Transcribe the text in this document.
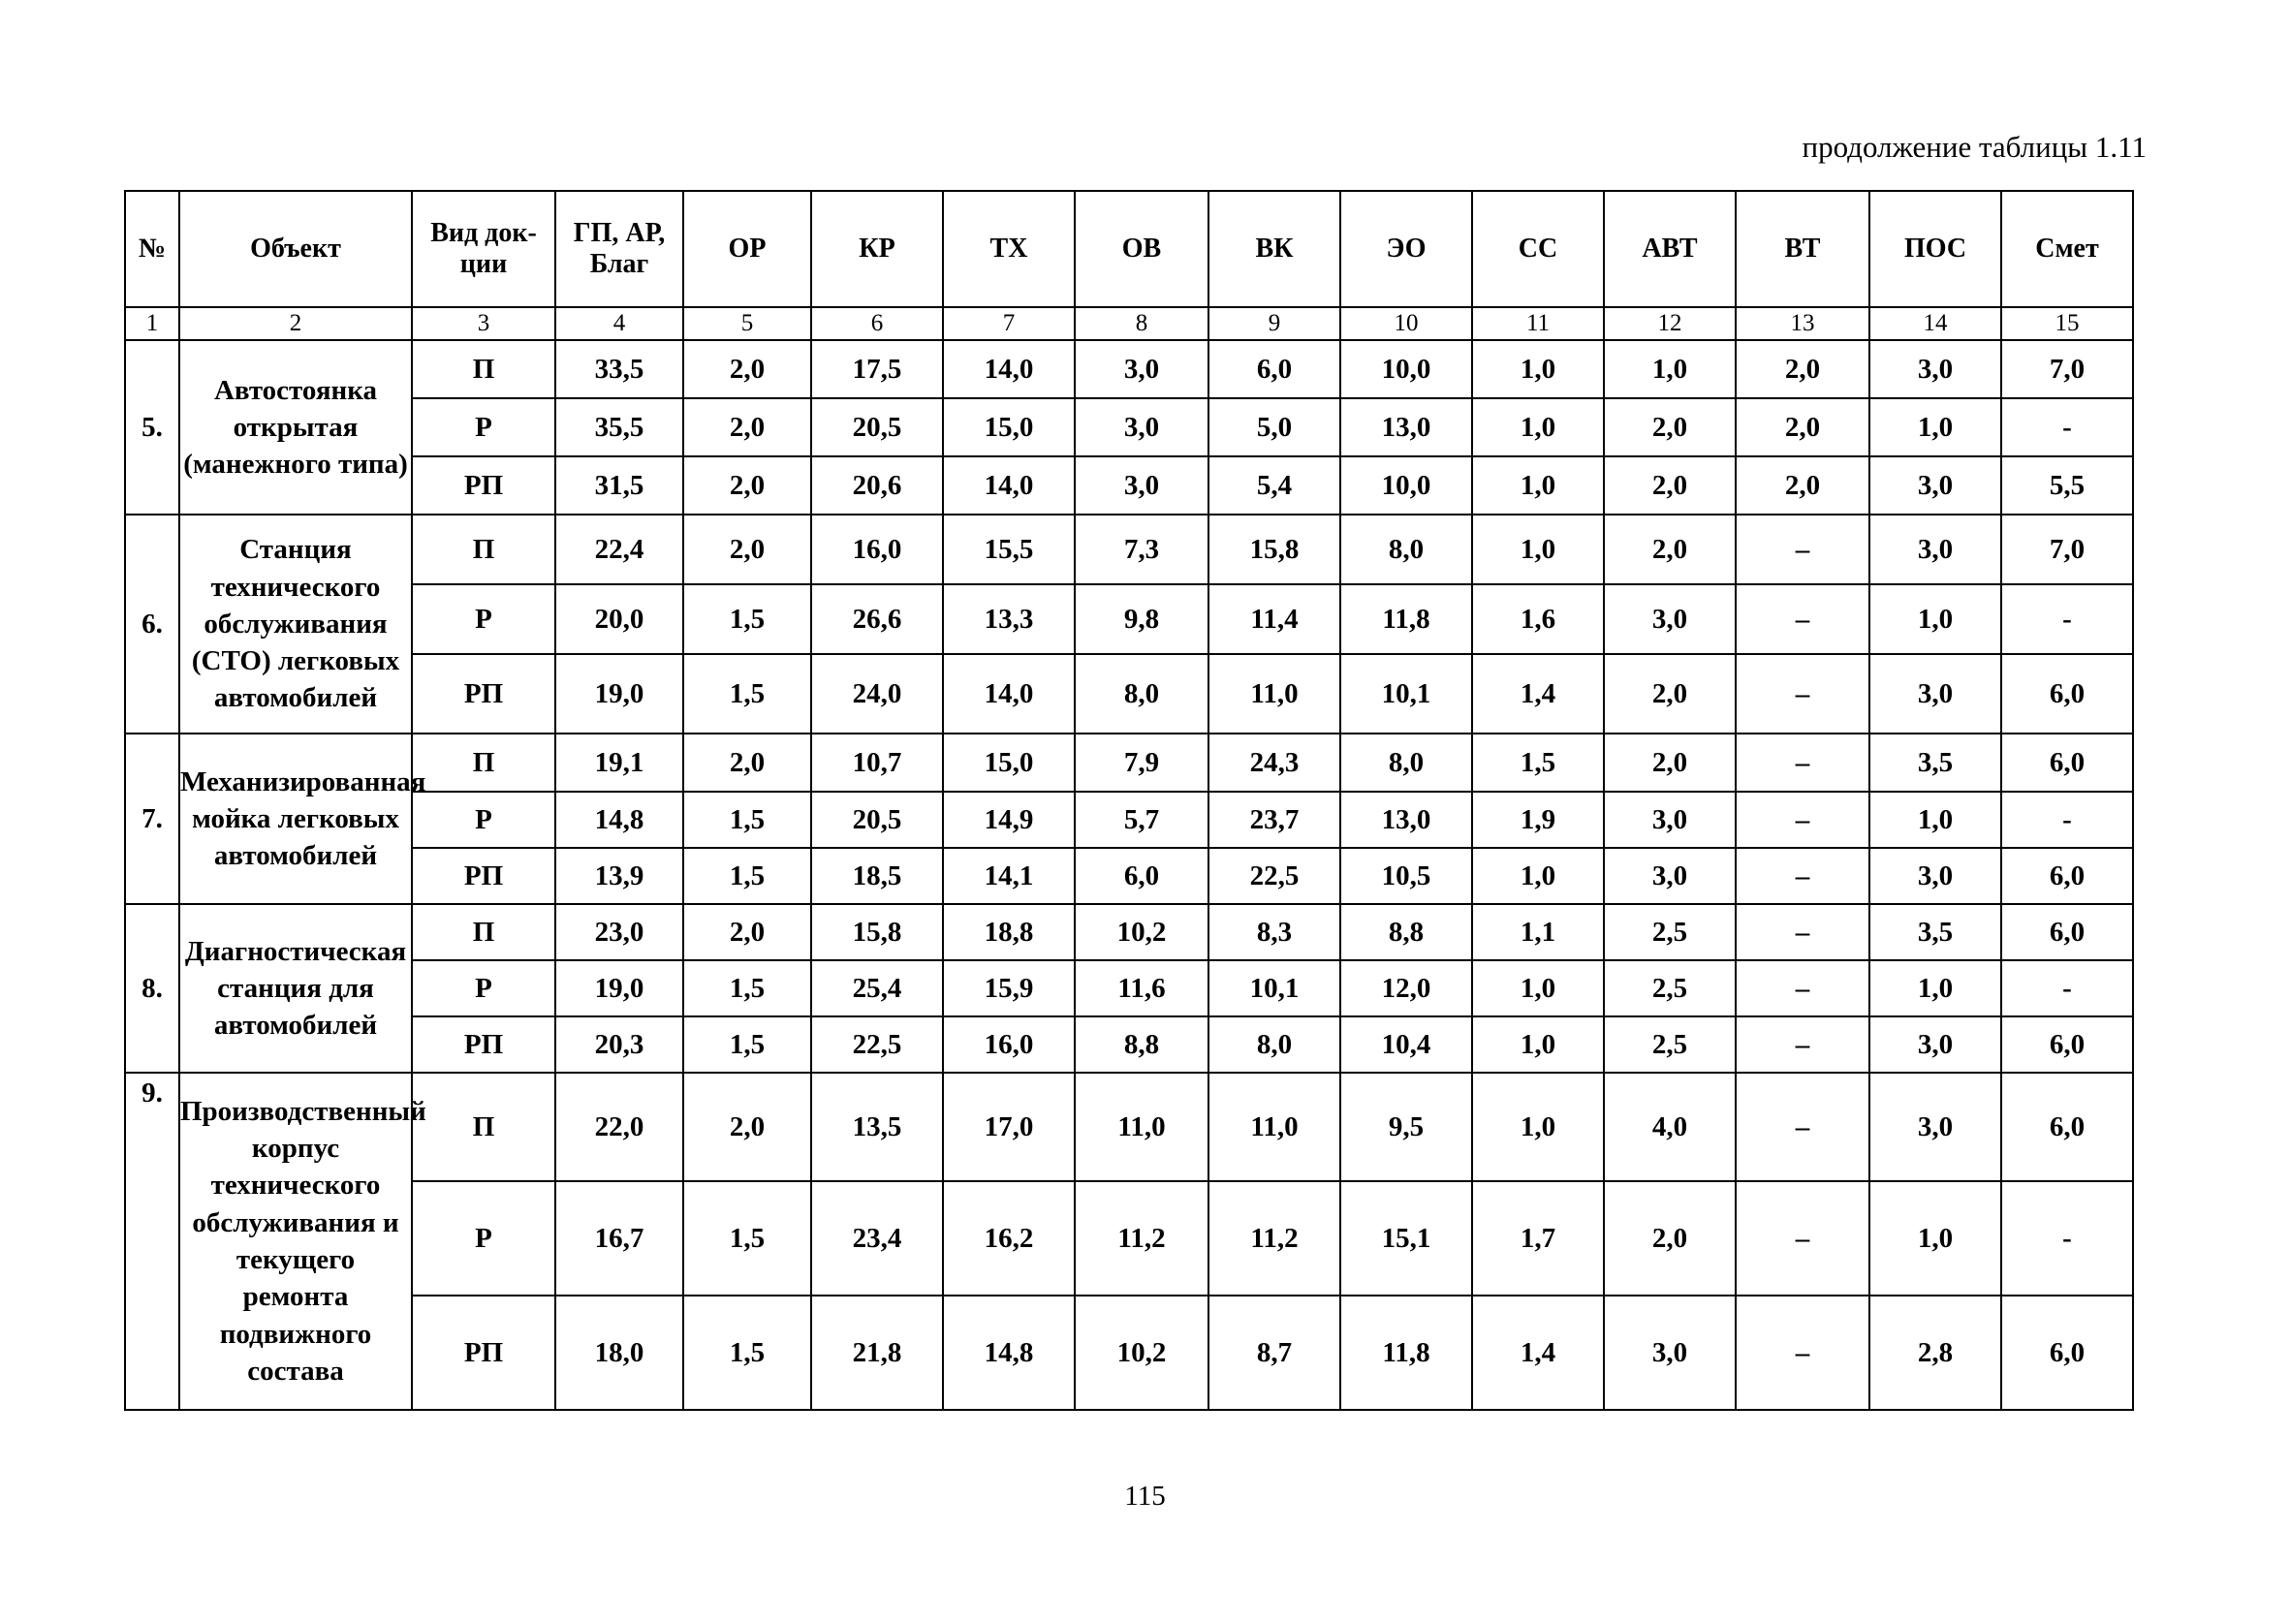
продолжение таблицы 1.11
№	Объект	Вид док-ции	ГП, АР, Благ	ОР	КР	ТХ	ОВ	ВК	ЭО	СС	АВТ	ВТ	ПОС	Смет
1	2	3	4	5	6	7	8	9	10	11	12	13	14	15
5.	Автостоянка открытая (манежного типа)	П	33,5	2,0	17,5	14,0	3,0	6,0	10,0	1,0	1,0	2,0	3,0	7,0
		Р	35,5	2,0	20,5	15,0	3,0	5,0	13,0	1,0	2,0	2,0	1,0	-
		РП	31,5	2,0	20,6	14,0	3,0	5,4	10,0	1,0	2,0	2,0	3,0	5,5
6.	Станция технического обслуживания (СТО) легковых автомобилей	П	22,4	2,0	16,0	15,5	7,3	15,8	8,0	1,0	2,0	–	3,0	7,0
		Р	20,0	1,5	26,6	13,3	9,8	11,4	11,8	1,6	3,0	–	1,0	-
		РП	19,0	1,5	24,0	14,0	8,0	11,0	10,1	1,4	2,0	–	3,0	6,0
7.	Механизированная мойка легковых автомобилей	П	19,1	2,0	10,7	15,0	7,9	24,3	8,0	1,5	2,0	–	3,5	6,0
		Р	14,8	1,5	20,5	14,9	5,7	23,7	13,0	1,9	3,0	–	1,0	-
		РП	13,9	1,5	18,5	14,1	6,0	22,5	10,5	1,0	3,0	–	3,0	6,0
8.	Диагностическая станция для автомобилей	П	23,0	2,0	15,8	18,8	10,2	8,3	8,8	1,1	2,5	–	3,5	6,0
		Р	19,0	1,5	25,4	15,9	11,6	10,1	12,0	1,0	2,5	–	1,0	-
		РП	20,3	1,5	22,5	16,0	8,8	8,0	10,4	1,0	2,5	–	3,0	6,0
9.	Производственный корпус технического обслуживания и текущего ремонта подвижного состава	П	22,0	2,0	13,5	17,0	11,0	11,0	9,5	1,0	4,0	–	3,0	6,0
		Р	16,7	1,5	23,4	16,2	11,2	11,2	15,1	1,7	2,0	–	1,0	-
		РП	18,0	1,5	21,8	14,8	10,2	8,7	11,8	1,4	3,0	–	2,8	6,0
115
